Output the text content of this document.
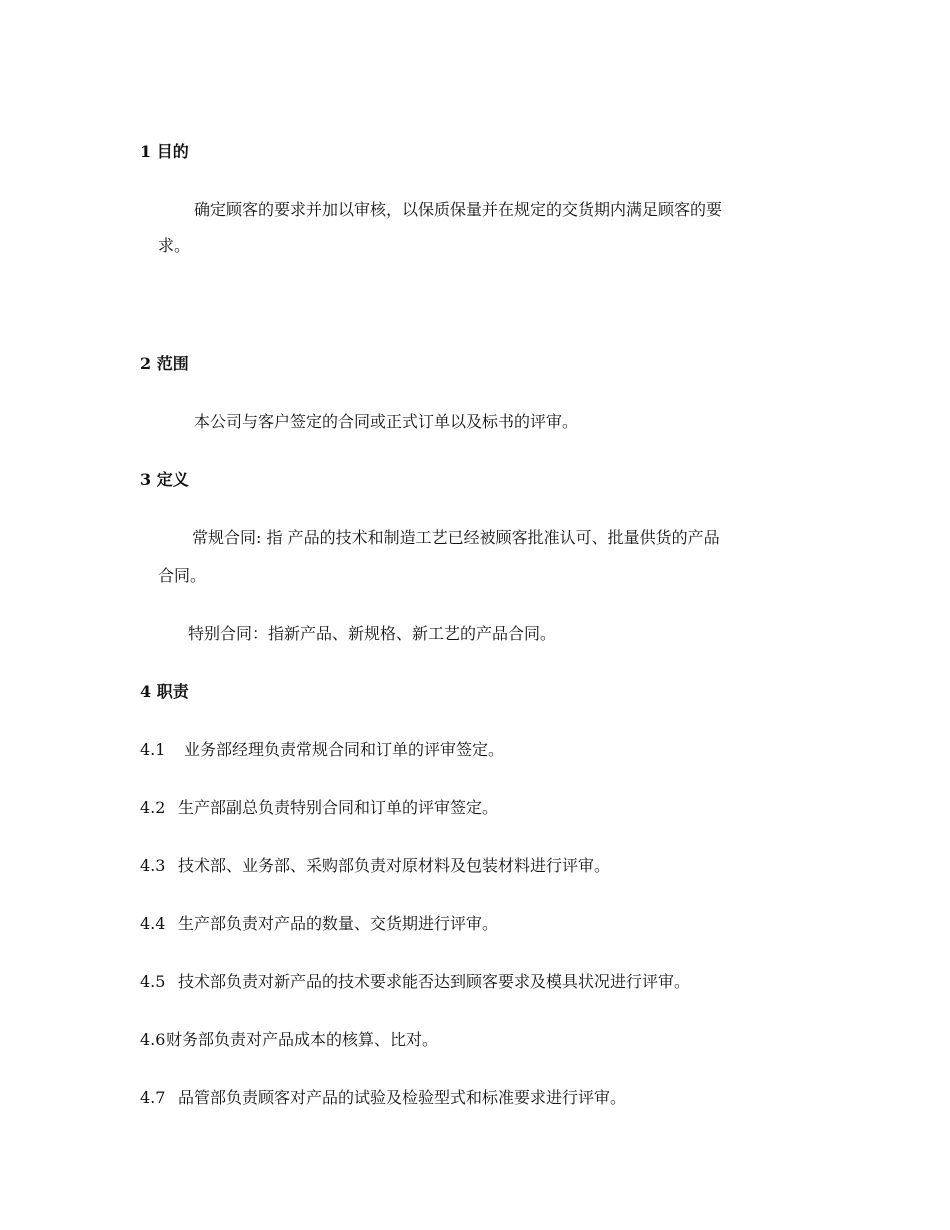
1 目的
确定顾客的要求并加以审核，以保质保量并在规定的交货期内满足顾客的要
求。
2 范围
本公司与客户签定的合同或正式订单以及标书的评审。
3 定义
常规合同: 指 产品的技术和制造工艺已经被顾客批准认可、批量供货的产品
合同。
特别合同：指新产品、新规格、新工艺的产品合同。
4 职责
4.1 业务部经理负责常规合同和订单的评审签定。
4.2 生产部副总负责特别合同和订单的评审签定。
4.3 技术部、业务部、采购部负责对原材料及包装材料进行评审。
4.4 生产部负责对产品的数量、交货期进行评审。
4.5 技术部负责对新产品的技术要求能否达到顾客要求及模具状况进行评审。
4.6财务部负责对产品成本的核算、比对。
4.7 品管部负责顾客对产品的试验及检验型式和标准要求进行评审。
